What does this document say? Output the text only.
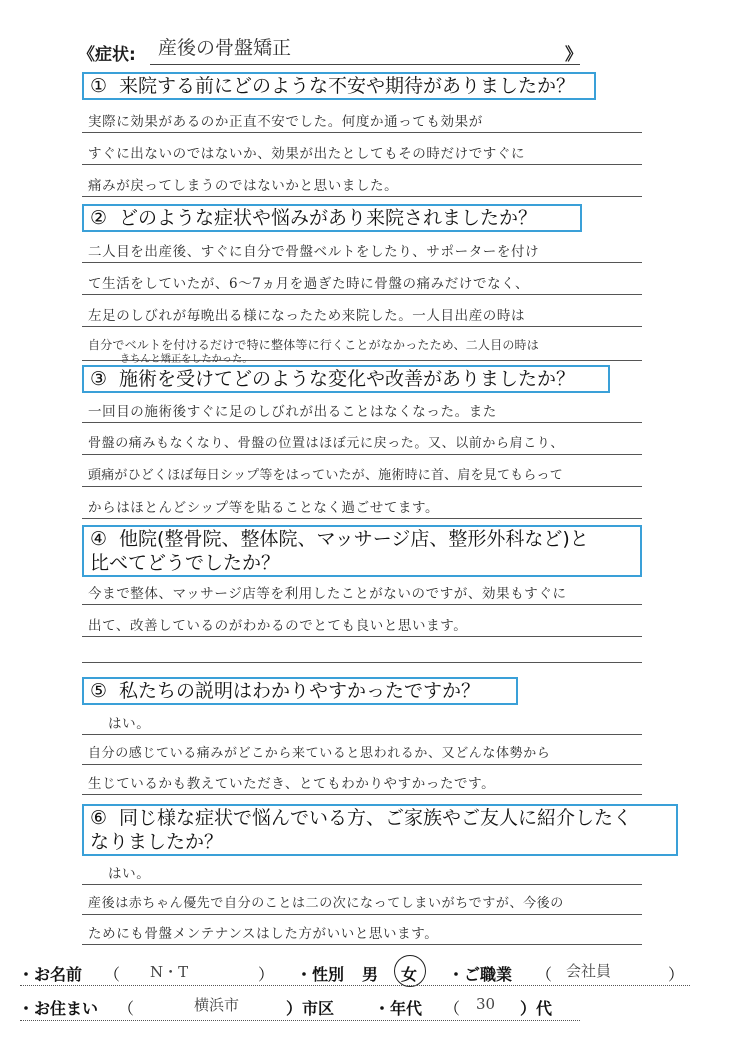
《症状: 産後の骨盤矯正	》
① 来院する前にどのような不安や期待がありましたか？
実際に効果があるのか正直不安でした。何度か通っても効果が
すぐに出ないのではないか、効果が出たとしてもその時だけですぐに
痛みが戻ってしまうのではないかと思いました。
② どのような症状や悩みがあり来院されましたか？
二人目を出産後、すぐに自分で骨盤ベルトをしたり、サポーターを付け
て生活をしていたが、6〜7ヵ月を過ぎた時に骨盤の痛みだけでなく、
左足のしびれが毎晩出る様になったため来院した。一人目出産の時は
自分でベルトを付けるだけで特に整体等に行くことがなかったため、二人目の時は
きちんと矯正をしたかった。
③ 施術を受けてどのような変化や改善がありましたか？
一回目の施術後すぐに足のしびれが出ることはなくなった。また
骨盤の痛みもなくなり、骨盤の位置はほぼ元に戻った。又、以前から肩こり、
頭痛がひどくほぼ毎日シップ等をはっていたが、施術時に首、肩を見てもらって
からはほとんどシップ等を貼ることなく過ごせてます。
④ 他院(整骨院、整体院、マッサージ店、整形外科など)と
比べてどうでしたか？
今まで整体、マッサージ店等を利用したことがないのですが、効果もすぐに
出て、改善しているのがわかるのでとても良いと思います。
⑤ 私たちの説明はわかりやすかったですか？
はい。
自分の感じている痛みがどこから来ていると思われるか、又どんな体勢から
生じているかも教えていただき、とてもわかりやすかったです。
⑥ 同じ様な症状で悩んでいる方、ご家族やご友人に紹介したく
なりましたか？
はい。
産後は赤ちゃん優先で自分のことは二の次になってしまいがちですが、今後の
ためにも骨盤メンテナンスはした方がいいと思います。
・お名前 （ N・T	） ・性別 男 女 ・ご職業 （ 会社員	）
・お住まい （	横浜市	）市区 ・年代 （ 30 ）代
